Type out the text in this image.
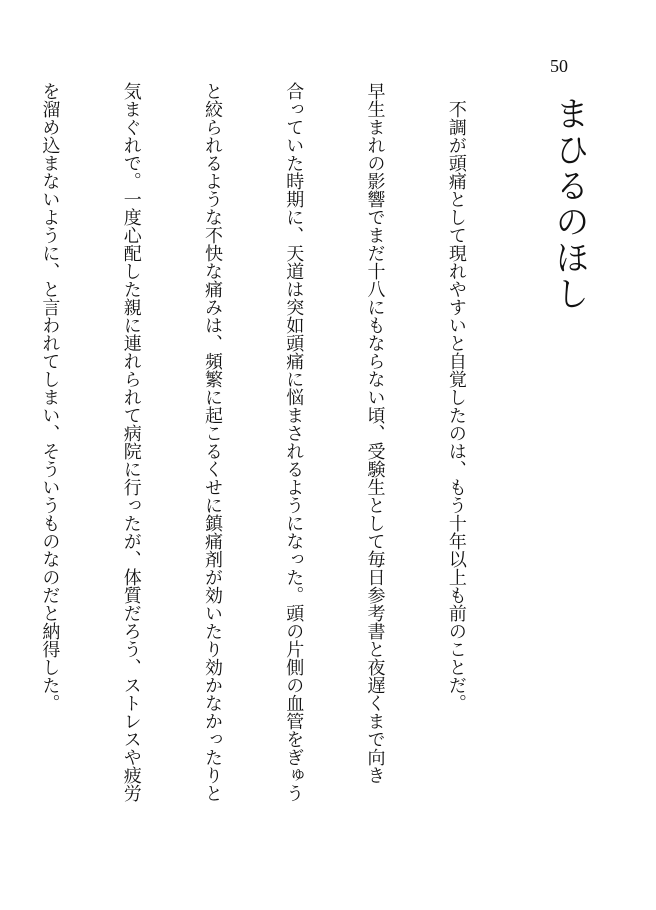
50
まひるのほし

　不調が頭痛として現れやすいと自覚したのは、もう十年以上も前のことだ。

早生まれの影響でまだ十八にもならない頃、受験生として毎日参考書と夜遅くまで向き

合っていた時期に、天道は突如頭痛に悩まされるようになった。頭の片側の血管をぎゅう

と絞られるような不快な痛みは、頻繁に起こるくせに鎮痛剤が効いたり効かなかったりと

気まぐれで。一度心配した親に連れられて病院に行ったが、体質だろう、ストレスや疲労

を溜め込まないように、と言われてしまい、そういうものなのだと納得した。
